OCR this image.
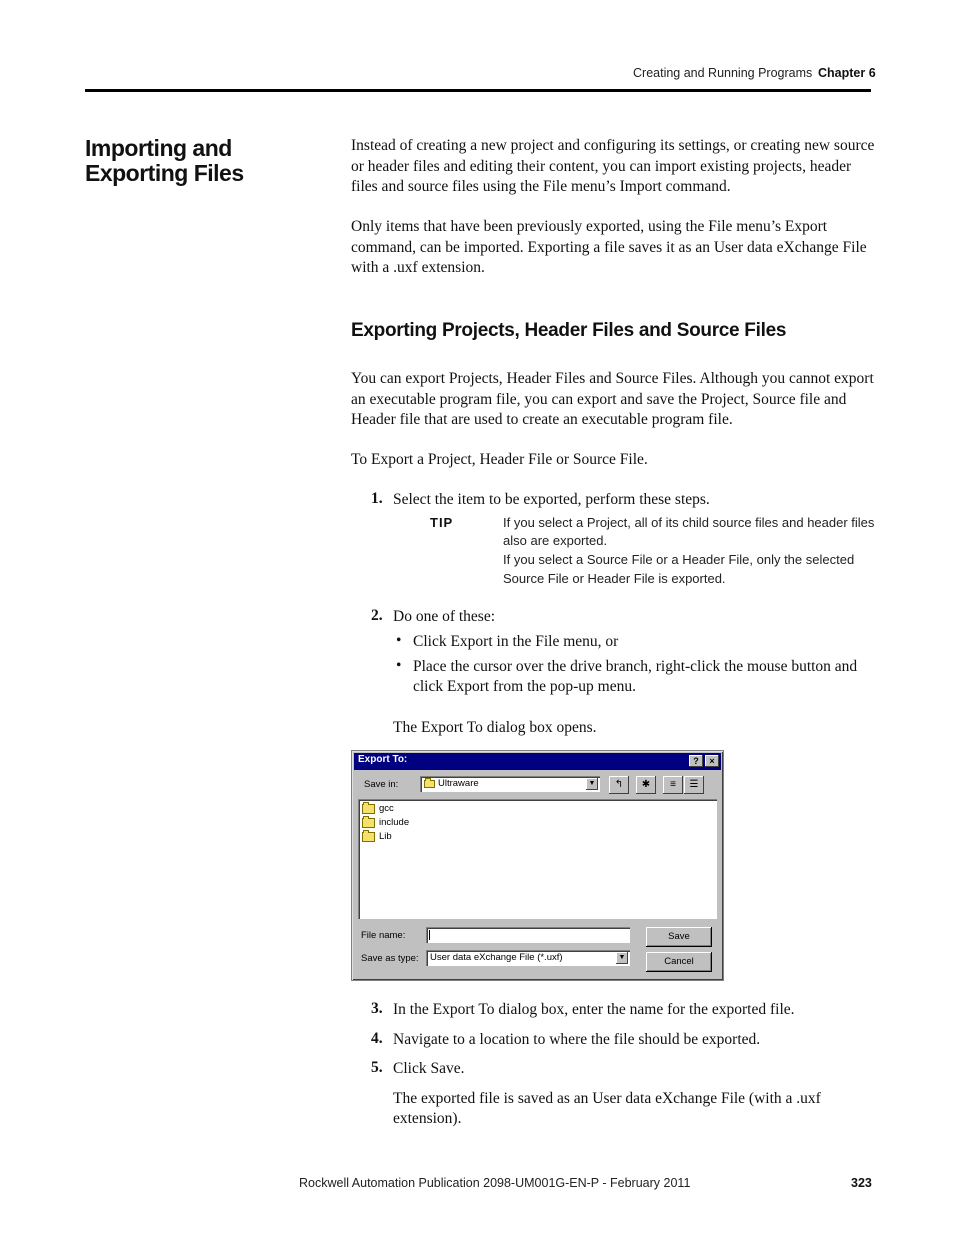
Creating and Running Programs Chapter 6
Importing and Exporting Files
Instead of creating a new project and configuring its settings, or creating new source or header files and editing their content, you can import existing projects, header files and source files using the File menu’s Import command.
Only items that have been previously exported, using the File menu’s Export command, can be imported. Exporting a file saves it as an User data eXchange File with a .uxf extension.
Exporting Projects, Header Files and Source Files
You can export Projects, Header Files and Source Files. Although you cannot export an executable program file, you can export and save the Project, Source file and Header file that are used to create an executable program file.
To Export a Project, Header File or Source File.
1. Select the item to be exported, perform these steps.
TIP	If you select a Project, all of its child source files and header files
also are exported.
If you select a Source File or a Header File, only the selected
Source File or Header File is exported.
2. Do one of these:
• Click Export in the File menu, or
• Place the cursor over the drive branch, right-click the mouse button and
click Export from the pop-up menu.
The Export To dialog box opens.
Export To:	?	×
Save in:	Ultraware	▼	↰	✱	≡	☰
gcc
include
Lib
File name:
Save as type: User data eXchange File (*.uxf)	▼
Save
Cancel
3. In the Export To dialog box, enter the name for the exported file.
4. Navigate to a location to where the file should be exported.
5. Click Save.
The exported file is saved as an User data eXchange File (with a .uxf
extension).
Rockwell Automation Publication 2098-UM001G-EN-P - February 2011	323
